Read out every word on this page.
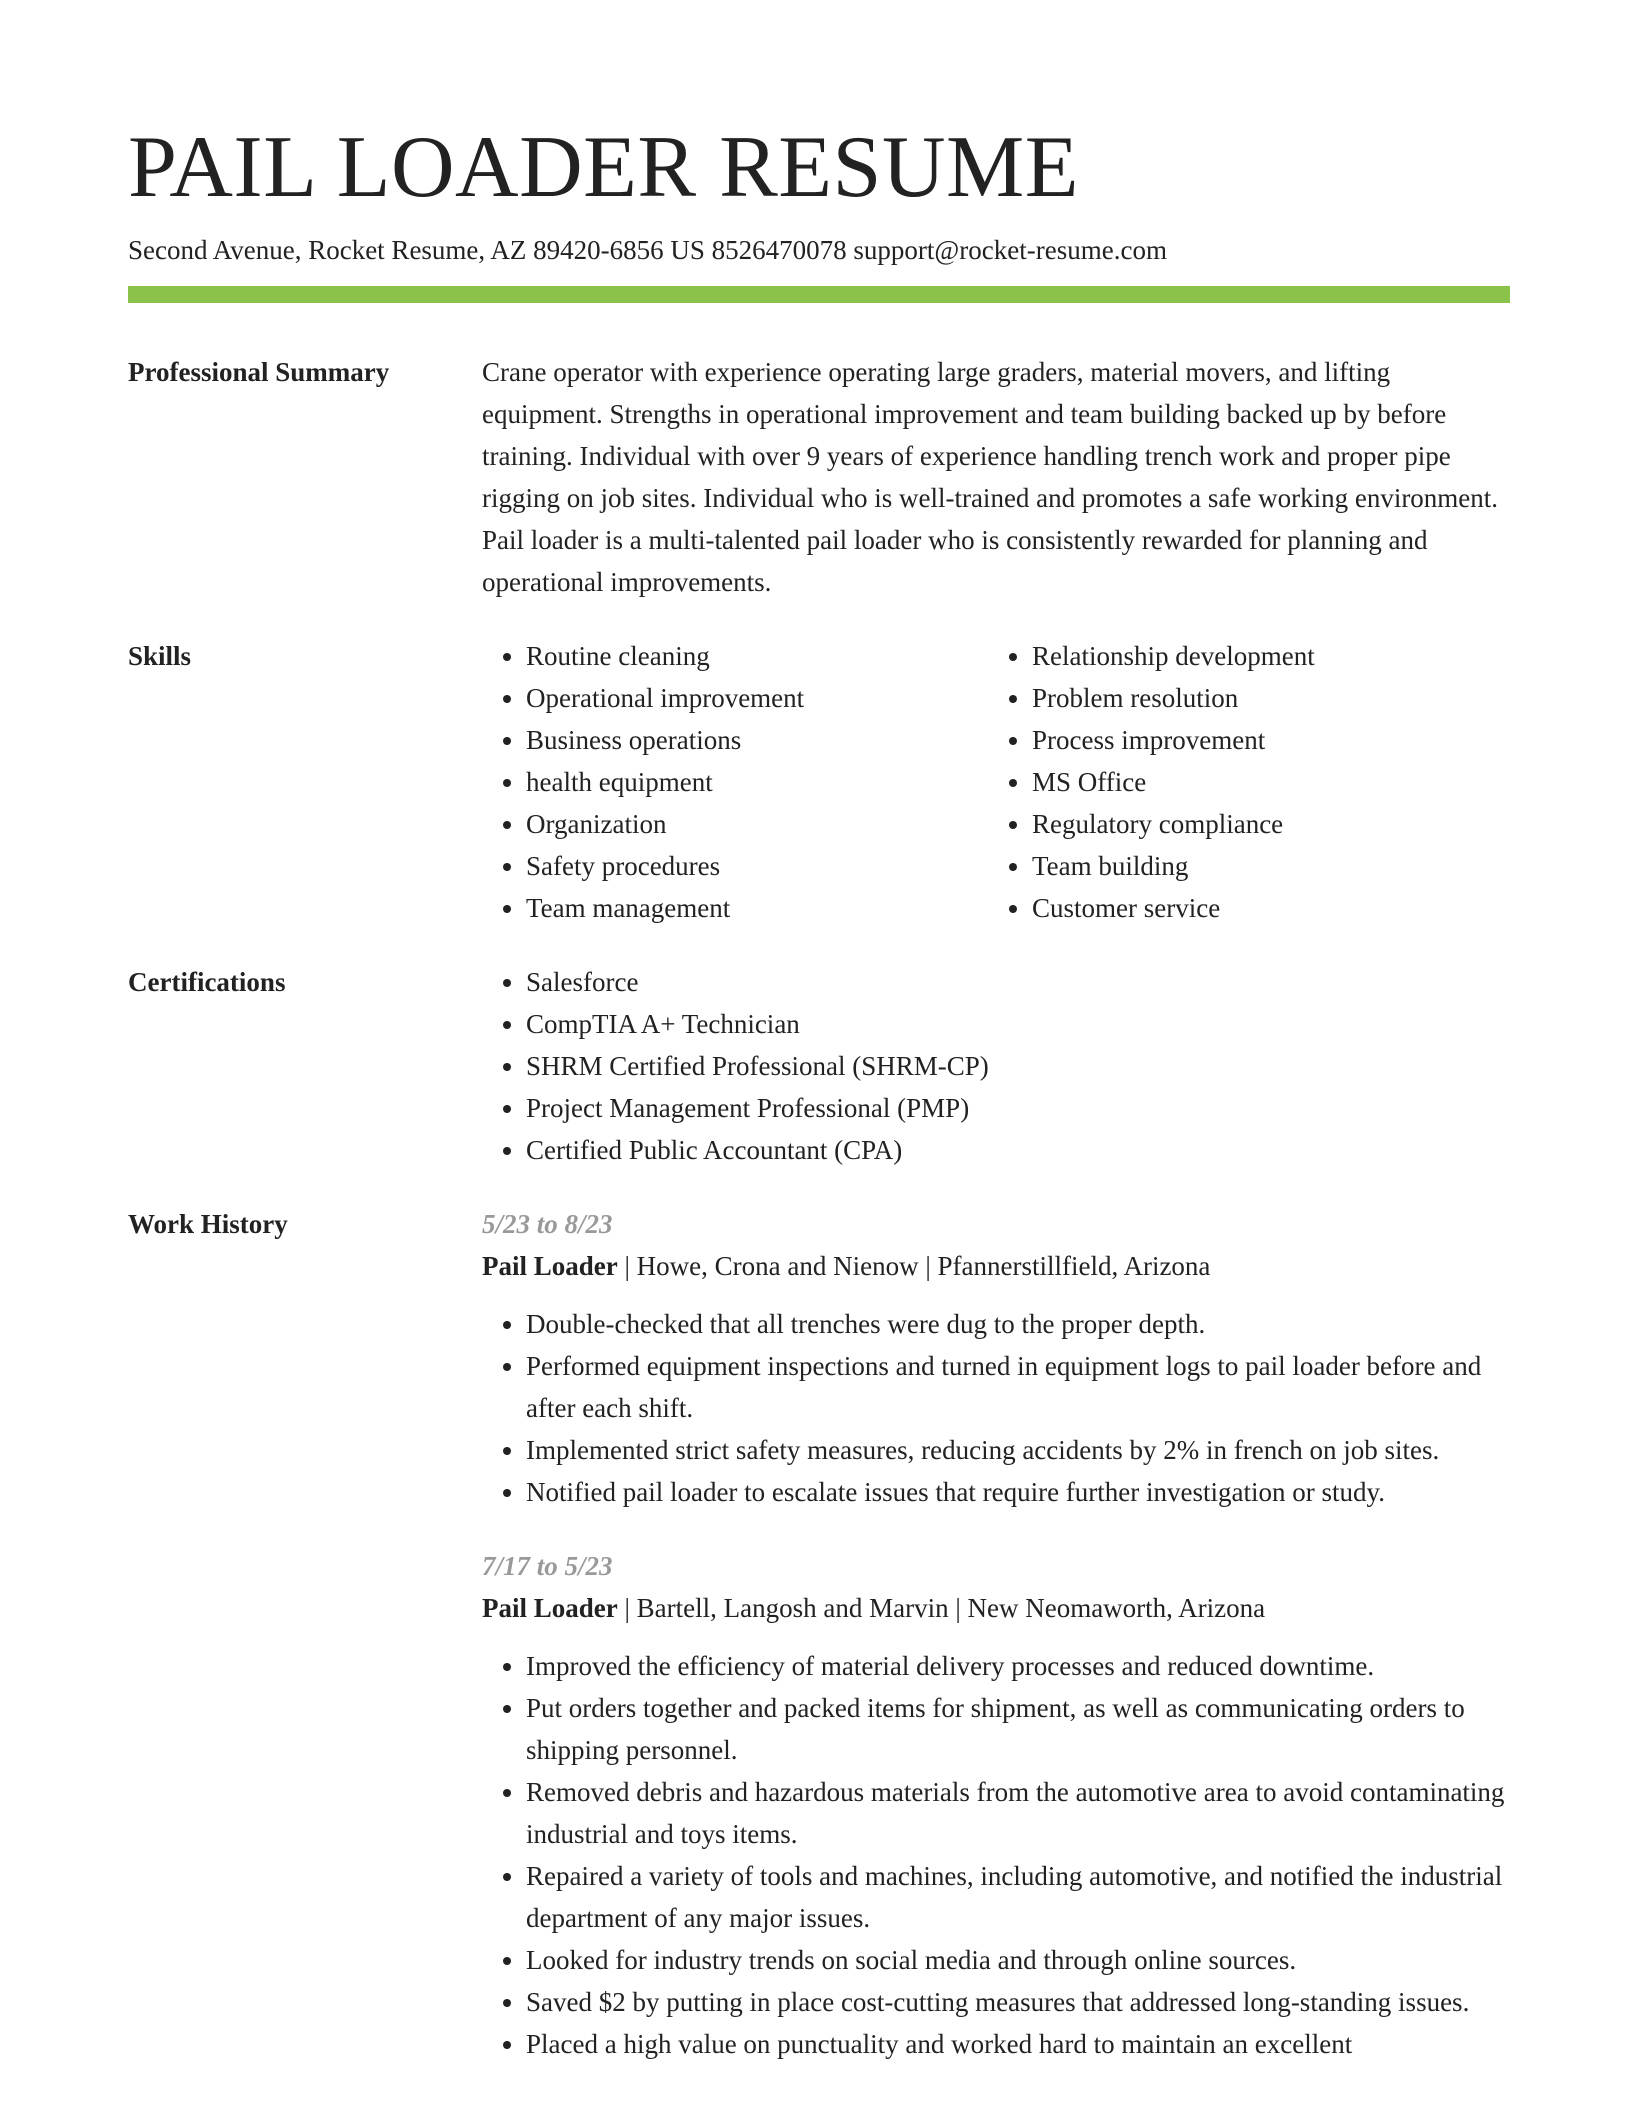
PAIL LOADER RESUME
Second Avenue, Rocket Resume, AZ 89420-6856 US 8526470078 support@rocket-resume.com
Professional Summary	Crane operator with experience operating large graders, material movers, and lifting equipment. Strengths in operational improvement and team building backed up by before training. Individual with over 9 years of experience handling trench work and proper pipe rigging on job sites. Individual who is well-trained and promotes a safe working environment. Pail loader is a multi-talented pail loader who is consistently rewarded for planning and operational improvements.

Skills	• Routine cleaning
• Operational improvement
• Business operations
• health equipment
• Organization
• Safety procedures
• Team management
• Relationship development
• Problem resolution
• Process improvement
• MS Office
• Regulatory compliance
• Team building
• Customer service
Certifications	• Salesforce
• CompTIA A+ Technician
• SHRM Certified Professional (SHRM-CP)
• Project Management Professional (PMP)
• Certified Public Accountant (CPA)
Work History	5/23 to 8/23
Pail Loader | Howe, Crona and Nienow | Pfannerstillfield, Arizona
• Double-checked that all trenches were dug to the proper depth.
• Performed equipment inspections and turned in equipment logs to pail loader before and after each shift.
• Implemented strict safety measures, reducing accidents by 2% in french on job sites.
• Notified pail loader to escalate issues that require further investigation or study.
7/17 to 5/23
Pail Loader | Bartell, Langosh and Marvin | New Neomaworth, Arizona
• Improved the efficiency of material delivery processes and reduced downtime.
• Put orders together and packed items for shipment, as well as communicating orders to shipping personnel.
• Removed debris and hazardous materials from the automotive area to avoid contaminating industrial and toys items.
• Repaired a variety of tools and machines, including automotive, and notified the industrial department of any major issues.
• Looked for industry trends on social media and through online sources.
• Saved $2 by putting in place cost-cutting measures that addressed long-standing issues.
• Placed a high value on punctuality and worked hard to maintain an excellent
